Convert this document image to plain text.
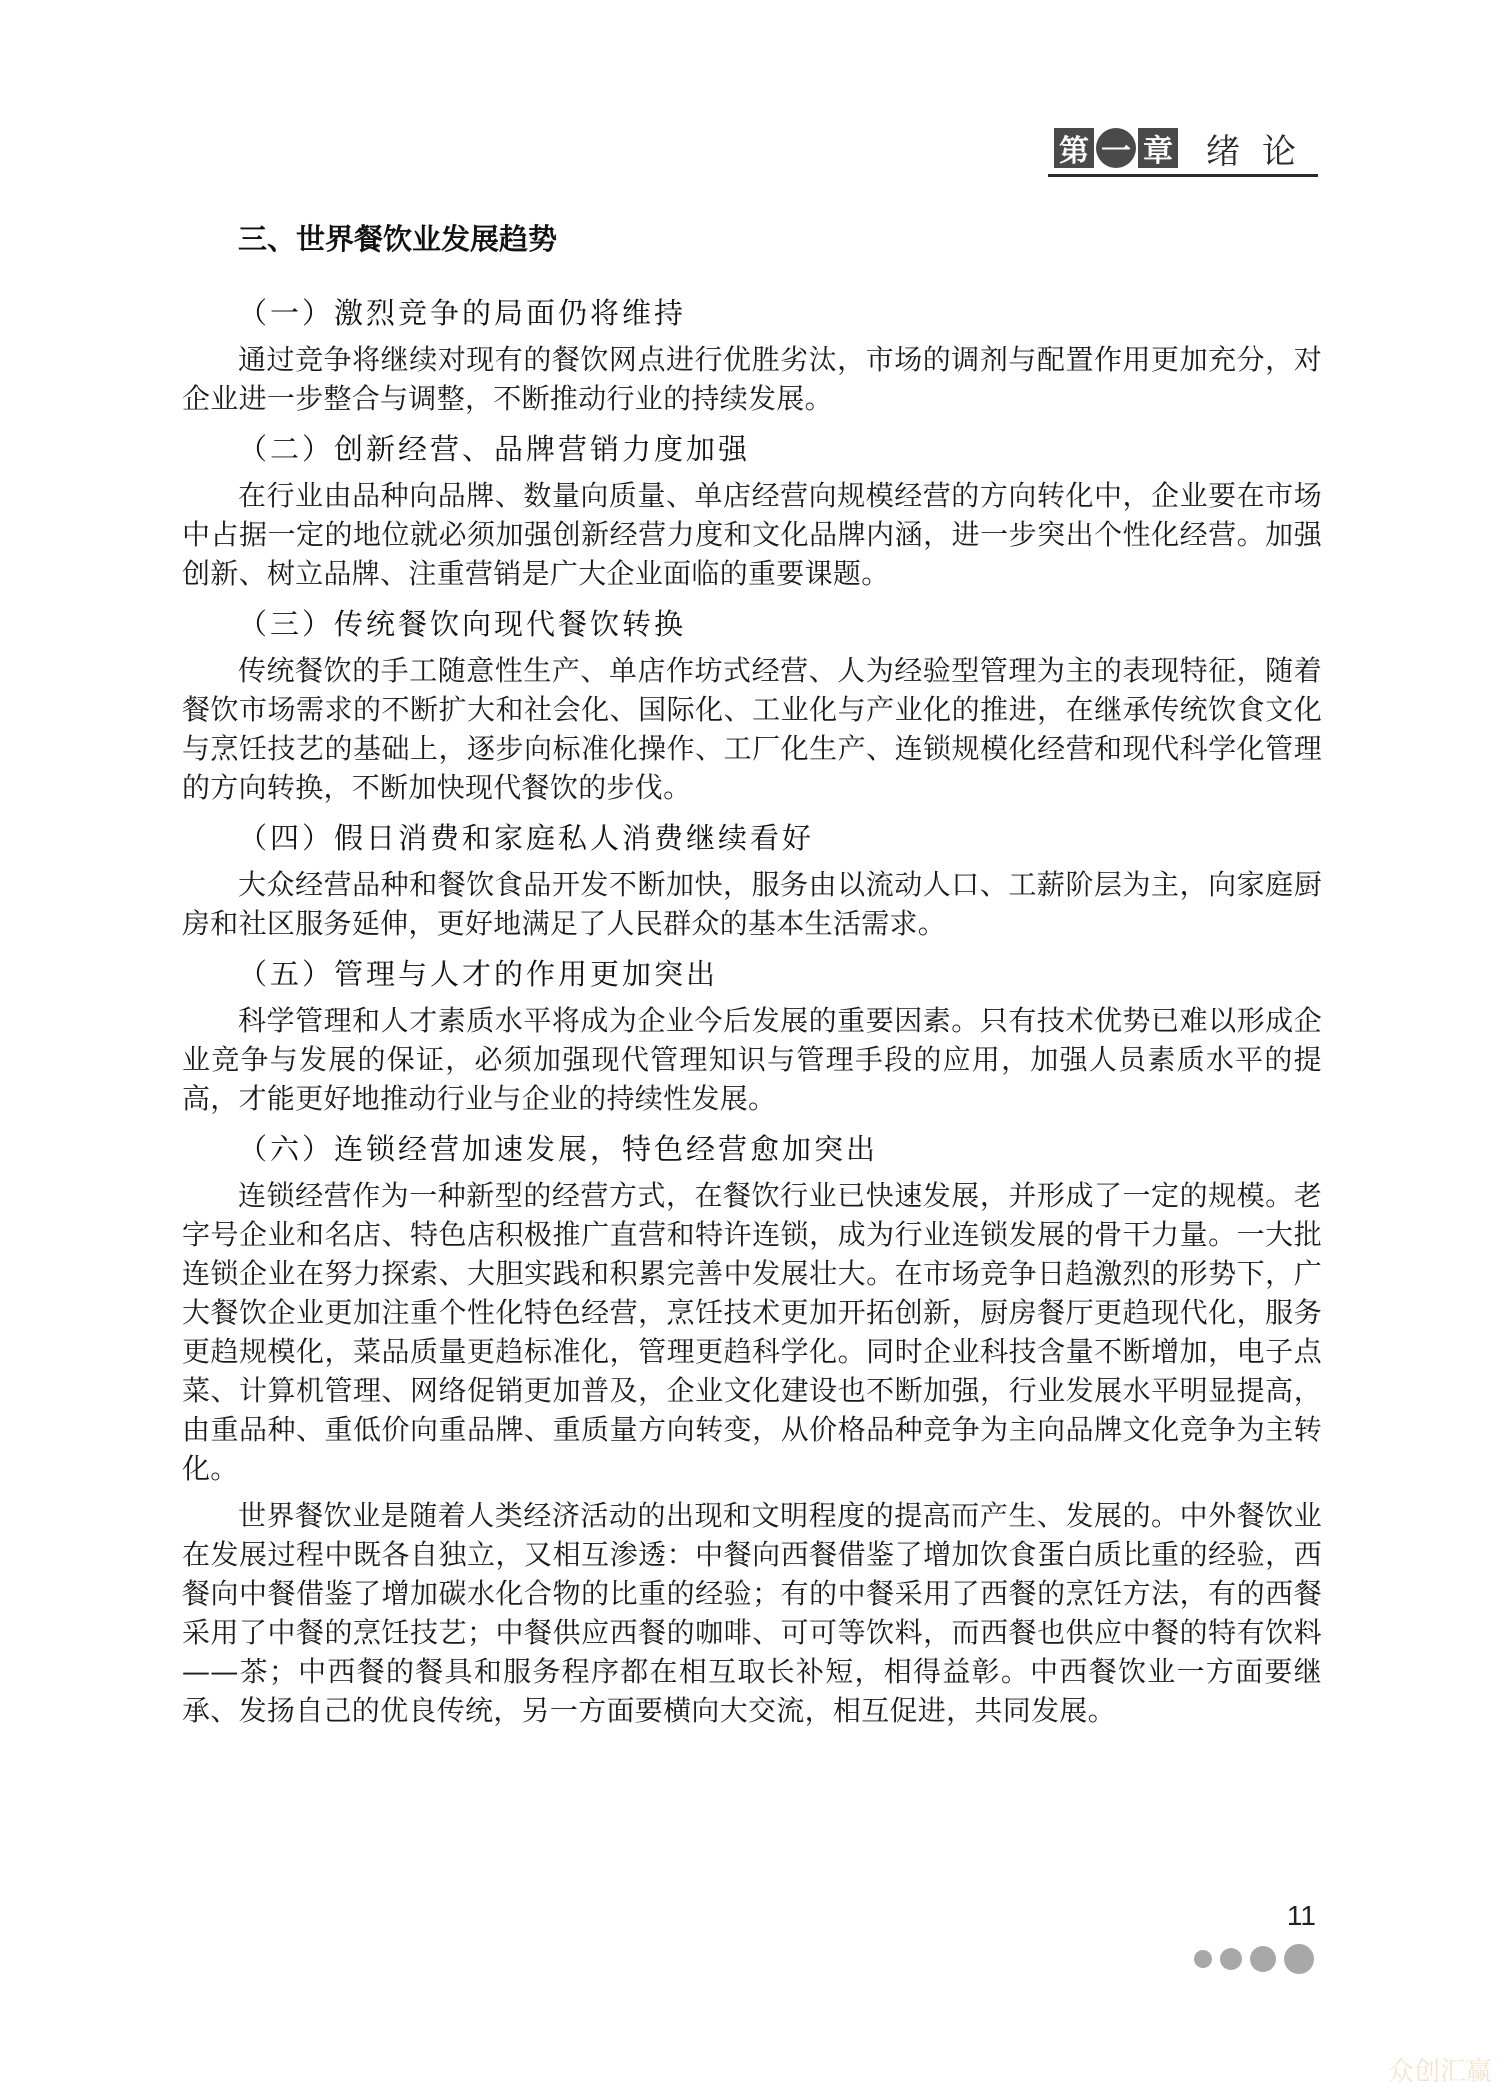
第 一 章 绪论
三、世界餐饮业发展趋势
（一）激烈竞争的局面仍将维持

通过竞争将继续对现有的餐饮网点进行优胜劣汰，市场的调剂与配置作用更加充分，对企业进一步整合与调整，不断推动行业的持续发展。

（二）创新经营、品牌营销力度加强

在行业由品种向品牌、数量向质量、单店经营向规模经营的方向转化中，企业要在市场中占据一定的地位就必须加强创新经营力度和文化品牌内涵，进一步突出个性化经营。加强创新、树立品牌、注重营销是广大企业面临的重要课题。

（三）传统餐饮向现代餐饮转换

传统餐饮的手工随意性生产、单店作坊式经营、人为经验型管理为主的表现特征，随着餐饮市场需求的不断扩大和社会化、国际化、工业化与产业化的推进，在继承传统饮食文化与烹饪技艺的基础上，逐步向标准化操作、工厂化生产、连锁规模化经营和现代科学化管理的方向转换，不断加快现代餐饮的步伐。

（四）假日消费和家庭私人消费继续看好

大众经营品种和餐饮食品开发不断加快，服务由以流动人口、工薪阶层为主，向家庭厨房和社区服务延伸，更好地满足了人民群众的基本生活需求。

（五）管理与人才的作用更加突出

科学管理和人才素质水平将成为企业今后发展的重要因素。只有技术优势已难以形成企业竞争与发展的保证，必须加强现代管理知识与管理手段的应用，加强人员素质水平的提高，才能更好地推动行业与企业的持续性发展。

（六）连锁经营加速发展，特色经营愈加突出

连锁经营作为一种新型的经营方式，在餐饮行业已快速发展，并形成了一定的规模。老字号企业和名店、特色店积极推广直营和特许连锁，成为行业连锁发展的骨干力量。一大批连锁企业在努力探索、大胆实践和积累完善中发展壮大。在市场竞争日趋激烈的形势下，广大餐饮企业更加注重个性化特色经营，烹饪技术更加开拓创新，厨房餐厅更趋现代化，服务更趋规模化，菜品质量更趋标准化，管理更趋科学化。同时企业科技含量不断增加，电子点菜、计算机管理、网络促销更加普及，企业文化建设也不断加强，行业发展水平明显提高，由重品种、重低价向重品牌、重质量方向转变，从价格品种竞争为主向品牌文化竞争为主转化。

世界餐饮业是随着人类经济活动的出现和文明程度的提高而产生、发展的。中外餐饮业在发展过程中既各自独立，又相互渗透：中餐向西餐借鉴了增加饮食蛋白质比重的经验，西餐向中餐借鉴了增加碳水化合物的比重的经验；有的中餐采用了西餐的烹饪方法，有的西餐采用了中餐的烹饪技艺；中餐供应西餐的咖啡、可可等饮料，而西餐也供应中餐的特有饮料——茶；中西餐的餐具和服务程序都在相互取长补短，相得益彰。中西餐饮业一方面要继承、发扬自己的优良传统，另一方面要横向大交流，相互促进，共同发展。

11
众创汇赢
